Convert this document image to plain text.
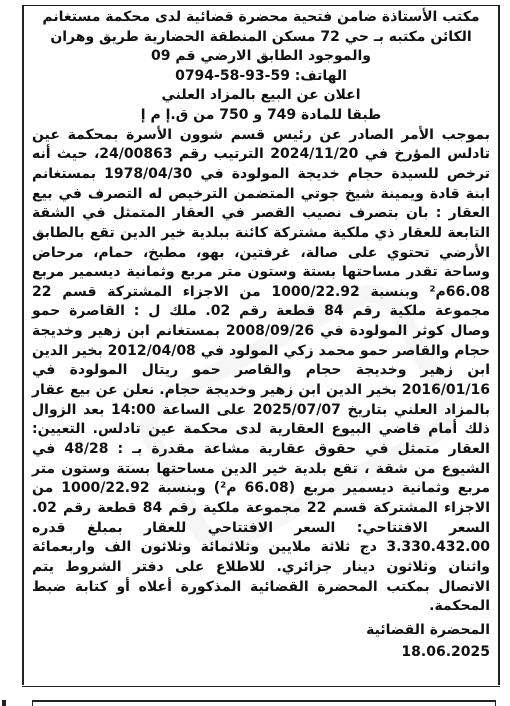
مكتب الأستاذة ضامن فتحية محضرة قضائية لدى محكمة مستغانم

الكائن مكتبه بـ حي 72 مسكن المنطقة الحضارية طريق وهران

والموجود الطابق الارضي قم 09

الهاتف: 59-93-58-0794

اعلان عن البيع بالمزاد العلني

طبقا للمادة 749 و 750 من ق.إ م إ

بموجب الأمر الصادر عن رئيس قسم شوون الأسرة بمحكمة عين تادلس المؤرخ في 2024/11/20 الترتيب رقم 24/00863، حيث أنه ترخص للسيدة حجام خديجة المولودة في 1978/04/30 بمستغانم ابنة قادة ويمينة شيخ جوتي المتضمن الترخيص له التصرف في بيع العقار : بان بتصرف نصيب القصر في العقار المتمثل في الشقة التابعة للعقار ذي ملكية مشتركة كائنة ببلدية خير الدين تقع بالطابق الأرضي تحتوي على صالة، غرفتين، بهو، مطبخ، حمام، مرحاض وساحة تقدر مساحتها بستة وستون متر مربع وثمانية ديسمير مربع 66.08م² وبنسبة 1000/22.92 من الاجزاء المشتركة قسم 22 مجموعة ملكية رقم 84 قطعة رقم 02. ملك ل : القاصرة حمو وصال كوثر المولودة في 2008/09/26 بمستغانم ابن زهير وخديجة حجام والقاصر حمو محمد زكي المولود في 2012/04/08 بخير الدين ابن زهير وخديجة حجام والقاصر حمو ريتال المولودة في 2016/01/16 بخير الدين ابن زهير وخديجة حجام. نعلن عن بيع عقار بالمزاد العلني بتاريخ 2025/07/07 على الساعة 14:00 بعد الزوال ذلك أمام قاضي البيوع العقارية لدى محكمة عين تادلس. التعيين: العقار متمثل في حقوق عقارية مشاعة مقدرة بـ : 48/28 في الشيوع من شقة ، تقع بلدية خير الدين مساحتها بستة وستون متر مربع وثمانية ديسمير مربع (66.08 م²) وبنسبة 1000/22.92 من الاجزاء المشتركة قسم 22 مجموعة ملكية رقم 84 قطعة رقم 02. السعر الافتتاحي: السعر الافتتاحي للعقار بمبلغ قدره 3.330.432.00 دج ثلاثة ملايين وثلاثمائة وثلاثون الف واربعمائة واثنان وثلاثون دينار جزائري. للاطلاع على دفتر الشروط يتم الاتصال بمكتب المحضرة القضائية المذكورة أعلاه أو كتابة ضبط المحكمة.

المحضرة القضائية

18.06.2025
